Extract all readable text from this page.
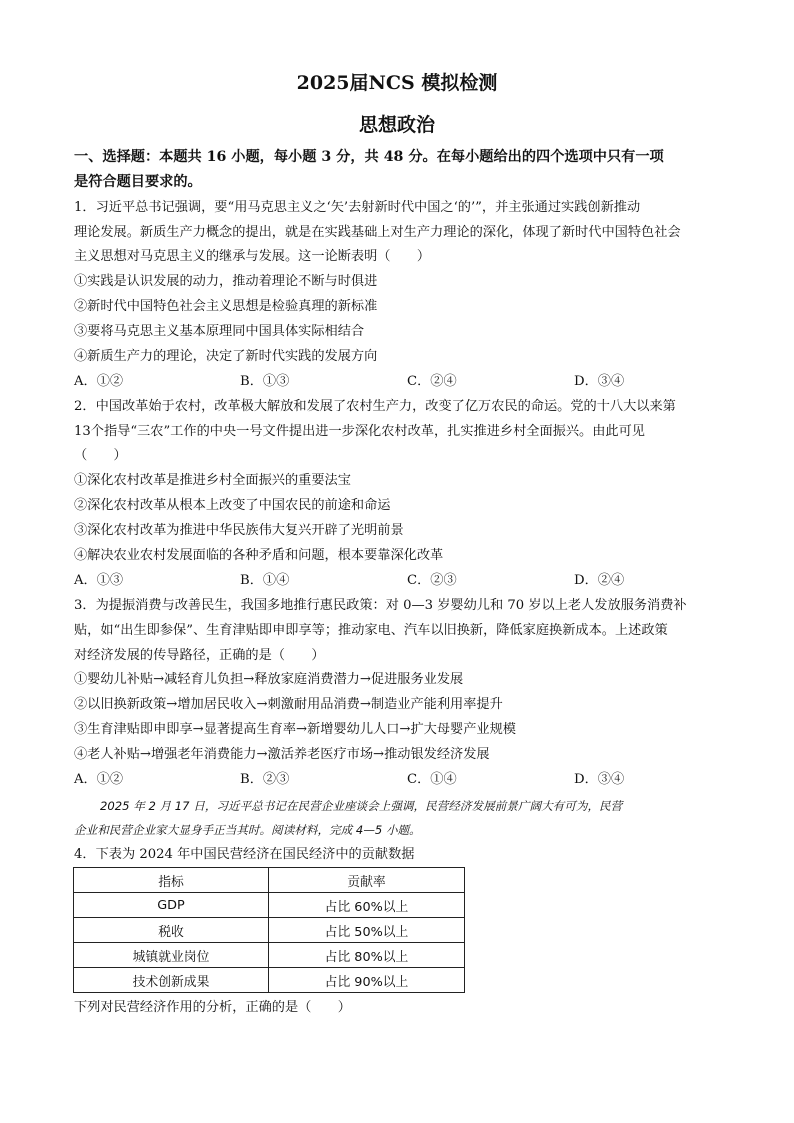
2025届NCS 模拟检测
思想政治
一、选择题：本题共 16 小题，每小题 3 分，共 48 分。在每小题给出的四个选项中只有一项
是符合题目要求的。
1．习近平总书记强调，要“用马克思主义之‘矢’去射新时代中国之‘的’”，并主张通过实践创新推动
理论发展。新质生产力概念的提出，就是在实践基础上对生产力理论的深化，体现了新时代中国特色社会
主义思想对马克思主义的继承与发展。这一论断表明（　　）
①实践是认识发展的动力，推动着理论不断与时俱进
②新时代中国特色社会主义思想是检验真理的新标准
③要将马克思主义基本原理同中国具体实际相结合
④新质生产力的理论，决定了新时代实践的发展方向
A．①②	B．①③	C．②④	D．③④
2．中国改革始于农村，改革极大解放和发展了农村生产力，改变了亿万农民的命运。党的十八大以来第
13个指导“三农”工作的中央一号文件提出进一步深化农村改革，扎实推进乡村全面振兴。由此可见
（　　）
①深化农村改革是推进乡村全面振兴的重要法宝
②深化农村改革从根本上改变了中国农民的前途和命运
③深化农村改革为推进中华民族伟大复兴开辟了光明前景
④解决农业农村发展面临的各种矛盾和问题，根本要靠深化改革
A．①③	B．①④	C．②③	D．②④
3．为提振消费与改善民生，我国多地推行惠民政策：对 0—3 岁婴幼儿和 70 岁以上老人发放服务消费补
贴，如“出生即参保”、生育津贴即申即享等；推动家电、汽车以旧换新，降低家庭换新成本。上述政策
对经济发展的传导路径，正确的是（　　）
①婴幼儿补贴→减轻育儿负担→释放家庭消费潜力→促进服务业发展
②以旧换新政策→增加居民收入→刺激耐用品消费→制造业产能利用率提升
③生育津贴即申即享→显著提高生育率→新增婴幼儿人口→扩大母婴产业规模
④老人补贴→增强老年消费能力→激活养老医疗市场→推动银发经济发展
A．①②	B．②③	C．①④	D．③④
2025 年 2 月 17 日，习近平总书记在民营企业座谈会上强调，民营经济发展前景广阔大有可为，民营
企业和民营企业家大显身手正当其时。阅读材料，完成 4—5 小题。
4．下表为 2024 年中国民营经济在国民经济中的贡献数据
指标	贡献率
GDP	占比 60%以上
税收	占比 50%以上
城镇就业岗位	占比 80%以上
技术创新成果	占比 90%以上
下列对民营经济作用的分析，正确的是（　　）
